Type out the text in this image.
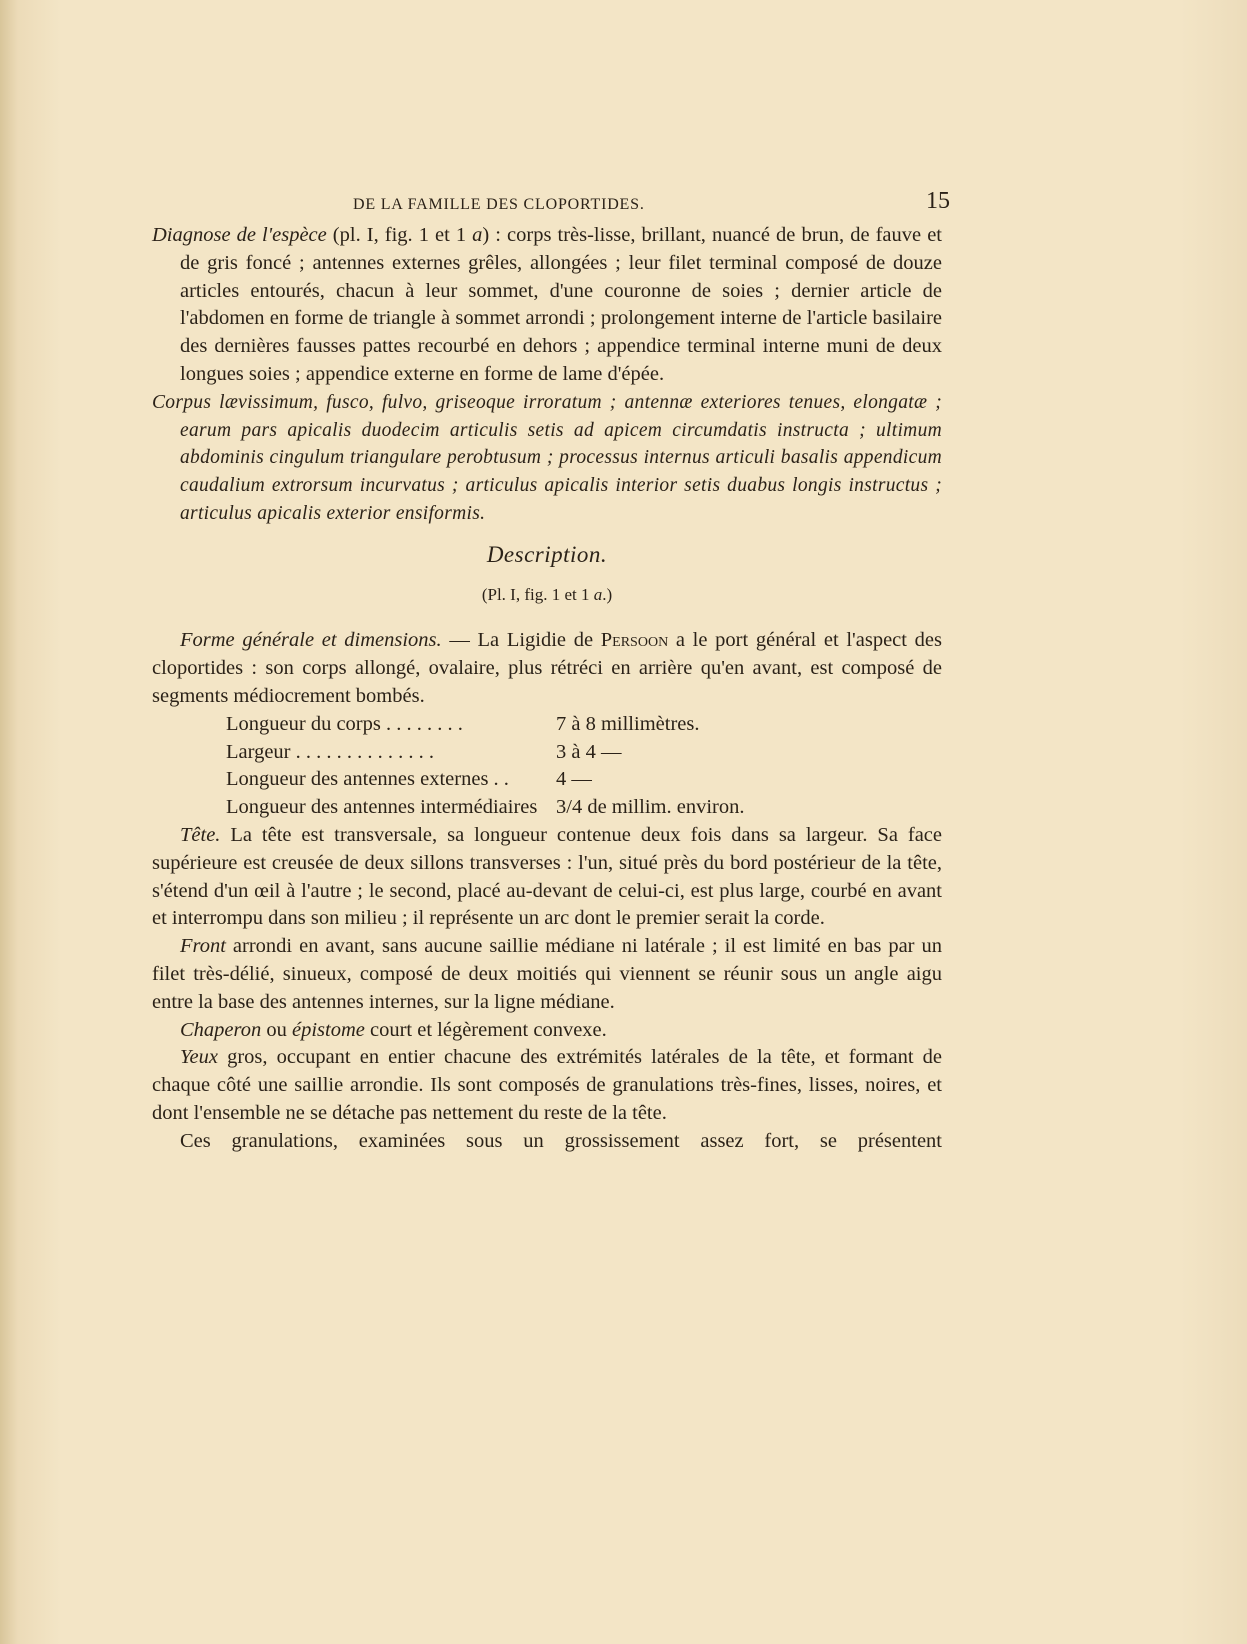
DE LA FAMILLE DES CLOPORTIDES.	15

Diagnose de l'espèce (pl. I, fig. 1 et 1 a) : corps très-lisse, brillant, nuancé de brun, de fauve et de gris foncé ; antennes externes grêles, allongées ; leur filet terminal composé de douze articles entourés, chacun à leur sommet, d'une couronne de soies ; dernier article de l'abdomen en forme de triangle à sommet arrondi ; prolongement interne de l'article basilaire des dernières fausses pattes recourbé en dehors ; appendice terminal interne muni de deux longues soies ; appendice externe en forme de lame d'épée.

Corpus lævissimum, fusco, fulvo, griseoque irroratum ; antennæ exteriores tenues, elongatæ ; earum pars apicalis duodecim articulis setis ad apicem circumdatis instructa ; ultimum abdominis cingulum triangulare perobtusum ; processus internus articuli basalis appendicum caudalium extrorsum incurvatus ; articulus apicalis interior setis duabus longis instructus ; articulus apicalis exterior ensiformis.

Description.
(Pl. I, fig. 1 et 1 a.)

Forme générale et dimensions. — La Ligidie de Persoon a le port général et l'aspect des cloportides : son corps allongé, ovalaire, plus rétréci en arrière qu'en avant, est composé de segments médiocrement bombés.

Longueur du corps . . . . . . . .	7 à 8 millimètres.
Largeur . . . . . . . . . . . . . .	3 à 4 —
Longueur des antennes externes . .	4 —
Longueur des antennes intermédiaires 3/4 de millim. environ.

Tête. La tête est transversale, sa longueur contenue deux fois dans sa largeur. Sa face supérieure est creusée de deux sillons transverses : l'un, situé près du bord postérieur de la tête, s'étend d'un œil à l'autre ; le second, placé au-devant de celui-ci, est plus large, courbé en avant et interrompu dans son milieu ; il représente un arc dont le premier serait la corde.

Front arrondi en avant, sans aucune saillie médiane ni latérale ; il est limité en bas par un filet très-délié, sinueux, composé de deux moitiés qui viennent se réunir sous un angle aigu entre la base des antennes internes, sur la ligne médiane.

Chaperon ou épistome court et légèrement convexe.

Yeux gros, occupant en entier chacune des extrémités latérales de la tête, et formant de chaque côté une saillie arrondie. Ils sont composés de granulations très-fines, lisses, noires, et dont l'ensemble ne se détache pas nettement du reste de la tête.

Ces granulations, examinées sous un grossissement assez fort, se présentent
